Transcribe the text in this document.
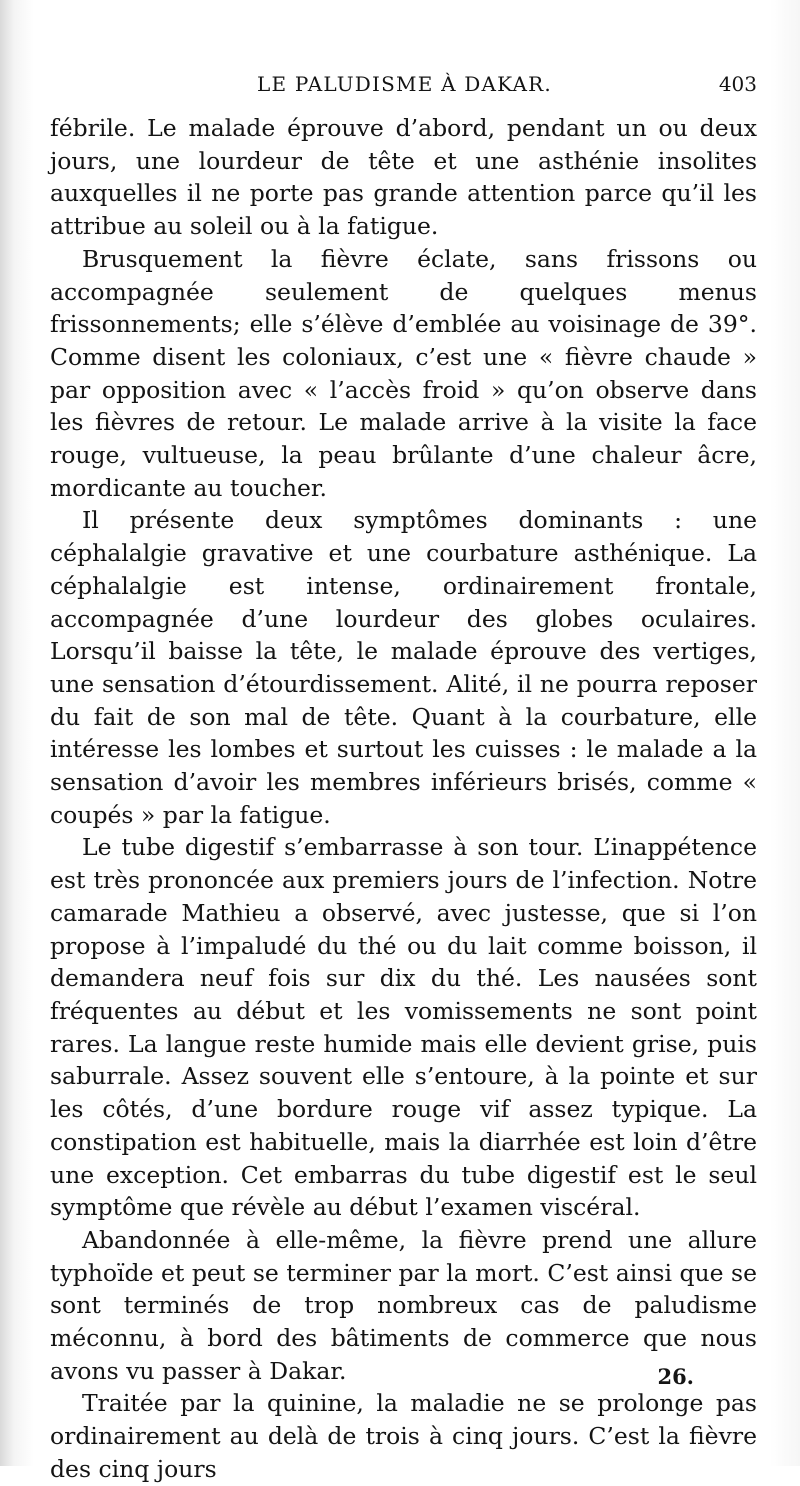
LE PALUDISME À DAKAR.	403

fébrile. Le malade éprouve d’abord, pendant un ou deux jours, une lourdeur de tête et une asthénie insolites auxquelles il ne porte pas grande attention parce qu’il les attribue au soleil ou à la fatigue.

Brusquement la fièvre éclate, sans frissons ou accompagnée seulement de quelques menus frissonnements; elle s’élève d’emblée au voisinage de 39°. Comme disent les coloniaux, c’est une « fièvre chaude » par opposition avec « l’accès froid » qu’on observe dans les fièvres de retour. Le malade arrive à la visite la face rouge, vultueuse, la peau brûlante d’une chaleur âcre, mordicante au toucher.

Il présente deux symptômes dominants : une céphalalgie gravative et une courbature asthénique. La céphalalgie est intense, ordinairement frontale, accompagnée d’une lourdeur des globes oculaires. Lorsqu’il baisse la tête, le malade éprouve des vertiges, une sensation d’étourdissement. Alité, il ne pourra reposer du fait de son mal de tête. Quant à la courbature, elle intéresse les lombes et surtout les cuisses : le malade a la sensation d’avoir les membres inférieurs brisés, comme « coupés » par la fatigue.

Le tube digestif s’embarrasse à son tour. L’inappétence est très prononcée aux premiers jours de l’infection. Notre camarade Mathieu a observé, avec justesse, que si l’on propose à l’impaludé du thé ou du lait comme boisson, il demandera neuf fois sur dix du thé. Les nausées sont fréquentes au début et les vomissements ne sont point rares. La langue reste humide mais elle devient grise, puis saburrale. Assez souvent elle s’entoure, à la pointe et sur les côtés, d’une bordure rouge vif assez typique. La constipation est habituelle, mais la diarrhée est loin d’être une exception. Cet embarras du tube digestif est le seul symptôme que révèle au début l’examen viscéral.

Abandonnée à elle-même, la fièvre prend une allure typhoïde et peut se terminer par la mort. C’est ainsi que se sont terminés de trop nombreux cas de paludisme méconnu, à bord des bâtiments de commerce que nous avons vu passer à Dakar.

Traitée par la quinine, la maladie ne se prolonge pas ordinairement au delà de trois à cinq jours. C’est la fièvre des cinq jours

26.
